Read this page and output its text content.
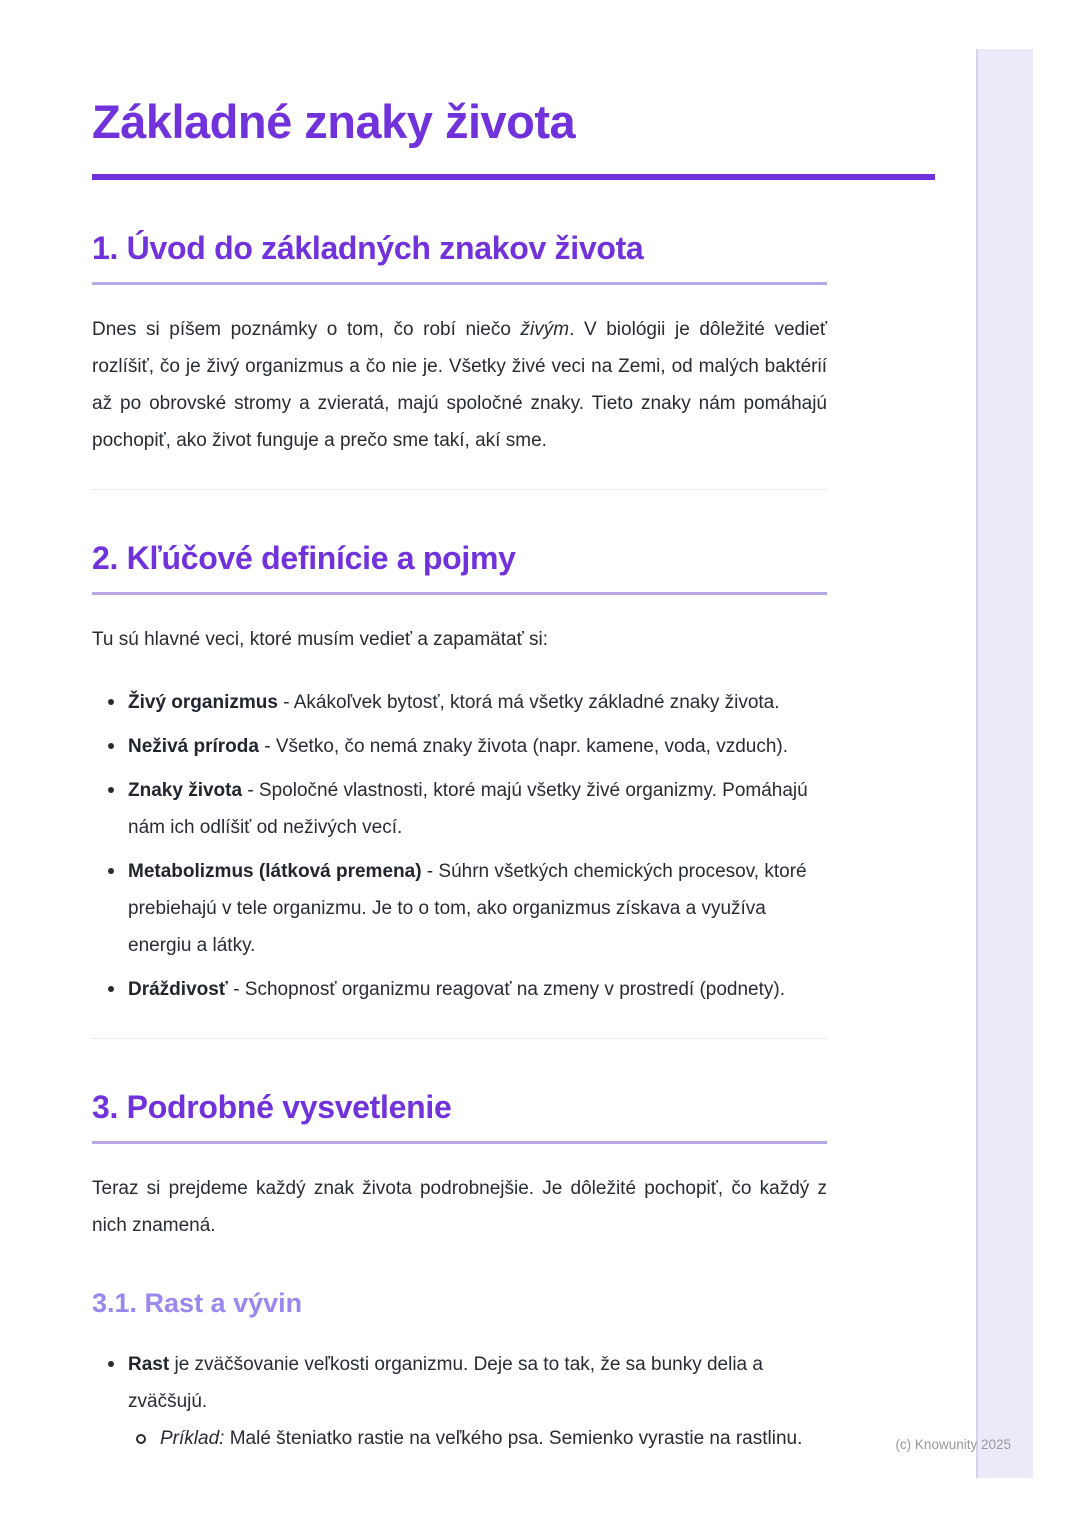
Základné znaky života
1. Úvod do základných znakov života

Dnes si píšem poznámky o tom, čo robí niečo živým. V biológii je dôležité vedieť rozlíšiť, čo je živý organizmus a čo nie je. Všetky živé veci na Zemi, od malých baktérií až po obrovské stromy a zvieratá, majú spoločné znaky. Tieto znaky nám pomáhajú pochopiť, ako život funguje a prečo sme takí, akí sme.

2. Kľúčové definície a pojmy

Tu sú hlavné veci, ktoré musím vedieť a zapamätať si:

Živý organizmus - Akákoľvek bytosť, ktorá má všetky základné znaky života.
Neživá príroda - Všetko, čo nemá znaky života (napr. kamene, voda, vzduch).
Znaky života - Spoločné vlastnosti, ktoré majú všetky živé organizmy. Pomáhajú nám ich odlíšiť od neživých vecí.
Metabolizmus (látková premena) - Súhrn všetkých chemických procesov, ktoré prebiehajú v tele organizmu. Je to o tom, ako organizmus získava a využíva energiu a látky.
Dráždivosť - Schopnosť organizmu reagovať na zmeny v prostredí (podnety).
3. Podrobné vysvetlenie

Teraz si prejdeme každý znak života podrobnejšie. Je dôležité pochopiť, čo každý z nich znamená.

3.1. Rast a vývin
Rast je zväčšovanie veľkosti organizmu. Deje sa to tak, že sa bunky delia a zväčšujú.
Príklad: Malé šteniatko rastie na veľkého psa. Semienko vyrastie na rastlinu.	(c) Knowunity 2025
